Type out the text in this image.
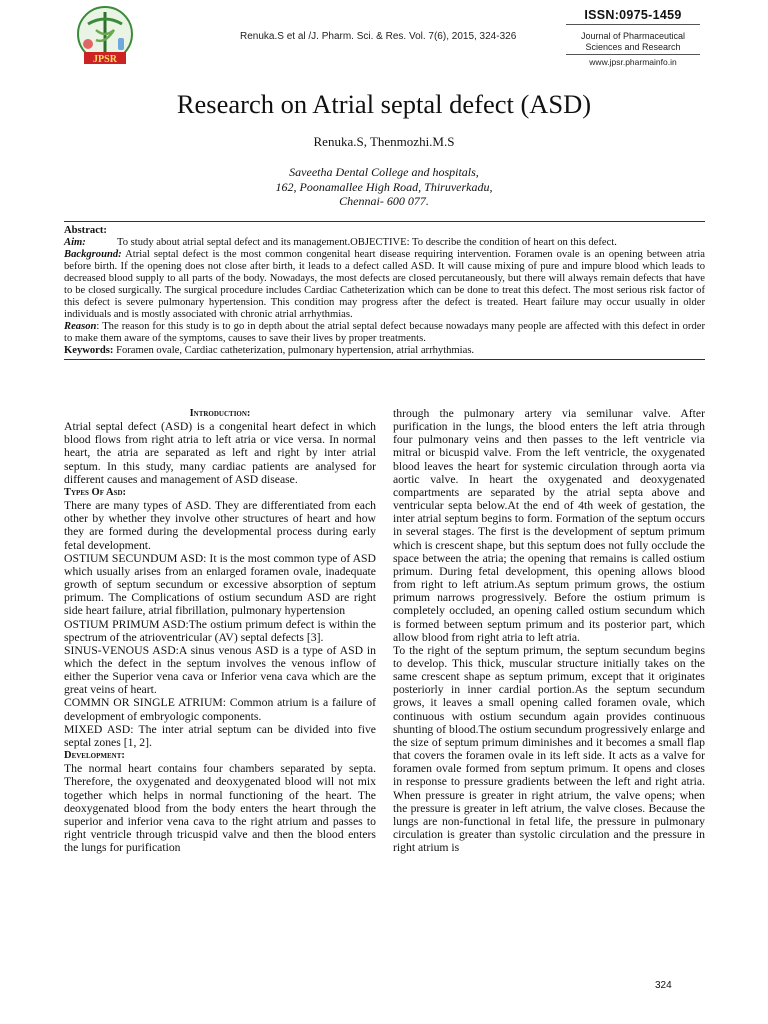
JPSR
Renuka.S et al /J. Pharm. Sci. & Res. Vol. 7(6), 2015, 324-326
ISSN:0975-1459
Journal of Pharmaceutical
Sciences and Research
www.jpsr.pharmainfo.in
Research on Atrial septal defect (ASD)
Renuka.S, Thenmozhi.M.S
Saveetha Dental College and hospitals,
162, Poonamallee High Road, Thiruverkadu,
Chennai- 600 077.
Abstract:
Aim:	To study about atrial septal defect and its management.OBJECTIVE: To describe the condition of heart on this defect.
Background: Atrial septal defect is the most common congenital heart disease requiring intervention. Foramen ovale is an opening between atria before birth. If the opening does not close after birth, it leads to a defect called ASD. It will cause mixing of pure and impure blood which leads to decreased blood supply to all parts of the body. Nowadays, the most defects are closed percutaneously, but there will always remain defects that have to be closed surgically. The surgical procedure includes Cardiac Catheterization which can be done to treat this defect. The most serious risk factor of this defect is severe pulmonary hypertension. This condition may progress after the defect is treated. Heart failure may occur usually in older individuals and is mostly associated with chronic atrial arrhythmias.
Reason: The reason for this study is to go in depth about the atrial septal defect because nowadays many people are affected with this defect in order to make them aware of the symptoms, causes to save their lives by proper treatments.
Keywords: Foramen ovale, Cardiac catheterization, pulmonary hypertension, atrial arrhythmias.
Introduction:

Atrial septal defect (ASD) is a congenital heart defect in which blood flows from right atria to left atria or vice versa. In normal heart, the atria are separated as left and right by inter atrial septum. In this study, many cardiac patients are analysed for different causes and management of ASD disease.

Types Of Asd:

There are many types of ASD. They are differentiated from each other by whether they involve other structures of heart and how they are formed during the developmental process during early fetal development.

OSTIUM SECUNDUM ASD: It is the most common type of ASD which usually arises from an enlarged foramen ovale, inadequate growth of septum secundum or excessive absorption of septum primum. The Complications of ostium secundum ASD are right side heart failure, atrial fibrillation, pulmonary hypertension

OSTIUM PRIMUM ASD:The ostium primum defect is within the spectrum of the atrioventricular (AV) septal defects [3].

SINUS-VENOUS ASD:A sinus venous ASD is a type of ASD in which the defect in the septum involves the venous inflow of either the Superior vena cava or Inferior vena cava which are the great veins of heart.

COMMN OR SINGLE ATRIUM: Common atrium is a failure of development of embryologic components.

MIXED ASD: The inter atrial septum can be divided into five septal zones [1, 2].

Development:

The normal heart contains four chambers separated by septa. Therefore, the oxygenated and deoxygenated blood will not mix together which helps in normal functioning of the heart. The deoxygenated blood from the body enters the heart through the superior and inferior vena cava to the right atrium and passes to right ventricle through tricuspid valve and then the blood enters the lungs for purification

through the pulmonary artery via semilunar valve. After purification in the lungs, the blood enters the left atria through four pulmonary veins and then passes to the left ventricle via mitral or bicuspid valve. From the left ventricle, the oxygenated blood leaves the heart for systemic circulation through aorta via aortic valve. In heart the oxygenated and deoxygenated compartments are separated by the atrial septa above and ventricular septa below.At the end of 4th week of gestation, the inter atrial septum begins to form. Formation of the septum occurs in several stages. The first is the development of septum primum which is crescent shape, but this septum does not fully occlude the space between the atria; the opening that remains is called ostium primum. During fetal development, this opening allows blood from right to left atrium.As septum primum grows, the ostium primum narrows progressively. Before the ostium primum is completely occluded, an opening called ostium secundum which is formed between septum primum and its posterior part, which allow blood from right atria to left atria.

To the right of the septum primum, the septum secundum begins to develop. This thick, muscular structure initially takes on the same crescent shape as septum primum, except that it originates posteriorly in inner cardial portion.As the septum secundum grows, it leaves a small opening called foramen ovale, which continuous with ostium secundum again provides continuous shunting of blood.The ostium secundum progressively enlarge and the size of septum primum diminishes and it becomes a small flap that covers the foramen ovale in its left side. It acts as a valve for foramen ovale formed from septum primum. It opens and closes in response to pressure gradients between the left and right atria. When pressure is greater in right atrium, the valve opens; when the pressure is greater in left atrium, the valve closes. Because the lungs are non-functional in fetal life, the pressure in pulmonary circulation is greater than systolic circulation and the pressure in right atrium is

324
